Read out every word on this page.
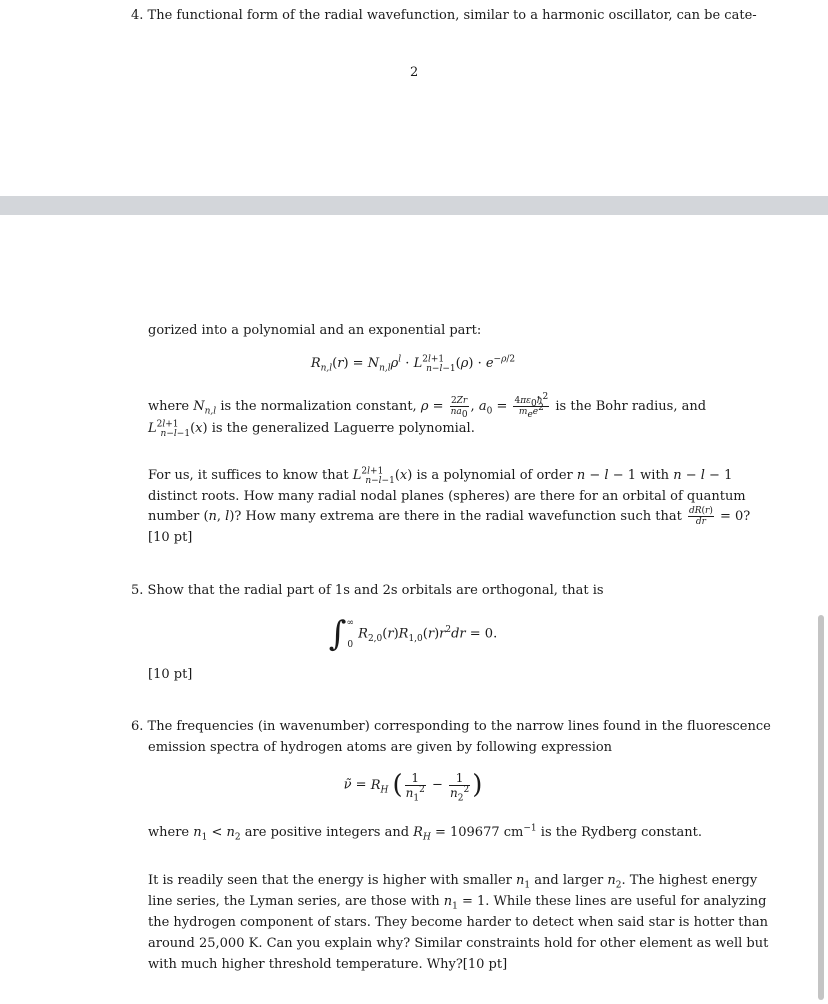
4. The functional form of the radial wavefunction, similar to a harmonic oscillator, can be cate-

2

gorized into a polynomial and an exponential part:

$R_{n,l}(r) = N_{n,l}\rho^l \cdot L^{2l+1}_{n-l-1}(\rho) \cdot e^{-\rho/2}$

where $N_{n,l}$ is the normalization constant, $\rho = \frac{2Zr}{na_0}$ , $a_0 = \frac{4\pi\varepsilon_0ħ^2}{m_ee^2}$ is the Bohr radius, and

$L^{2l+1}_{n-l-1}(x)$ is the generalized Laguerre polynomial.

For us, it suffices to know that $L^{2l+1}_{n-l-1}(x)$ is a polynomial of order n − l − 1 with n − l − 1

distinct roots. How many radial nodal planes (spheres) are there for an orbital of quantum

number (n, l)? How many extrema are there in the radial wavefunction such that $\frac{dR(r)}{dr} = 0$?

[10 pt]

5. Show that the radial part of 1s and 2s orbitals are orthogonal, that is

∫ ∞
0
$R_{2,0}(r)R_{1,0}(r)r^2dr = 0$.

[10 pt]

6. The frequencies (in wavenumber) corresponding to the narrow lines found in the fluorescence

emission spectra of hydrogen atoms are given by following expression

ν̃ = $R_H$ ( $\frac{1}{n_1^2} - \frac{1}{n_2^2}$ )

where $n_1 < n_2$ are positive integers and $R_H = 109677$ $cm^{-1}$ is the Rydberg constant.

It is readily seen that the energy is higher with smaller $n_1$ and larger $n_2$. The highest energy

line series, the Lyman series, are those with $n_1 = 1$. While these lines are useful for analyzing

the hydrogen component of stars. They become harder to detect when said star is hotter than

around 25,000 K. Can you explain why? Similar constraints hold for other element as well but

with much higher threshold temperature. Why?[10 pt]
